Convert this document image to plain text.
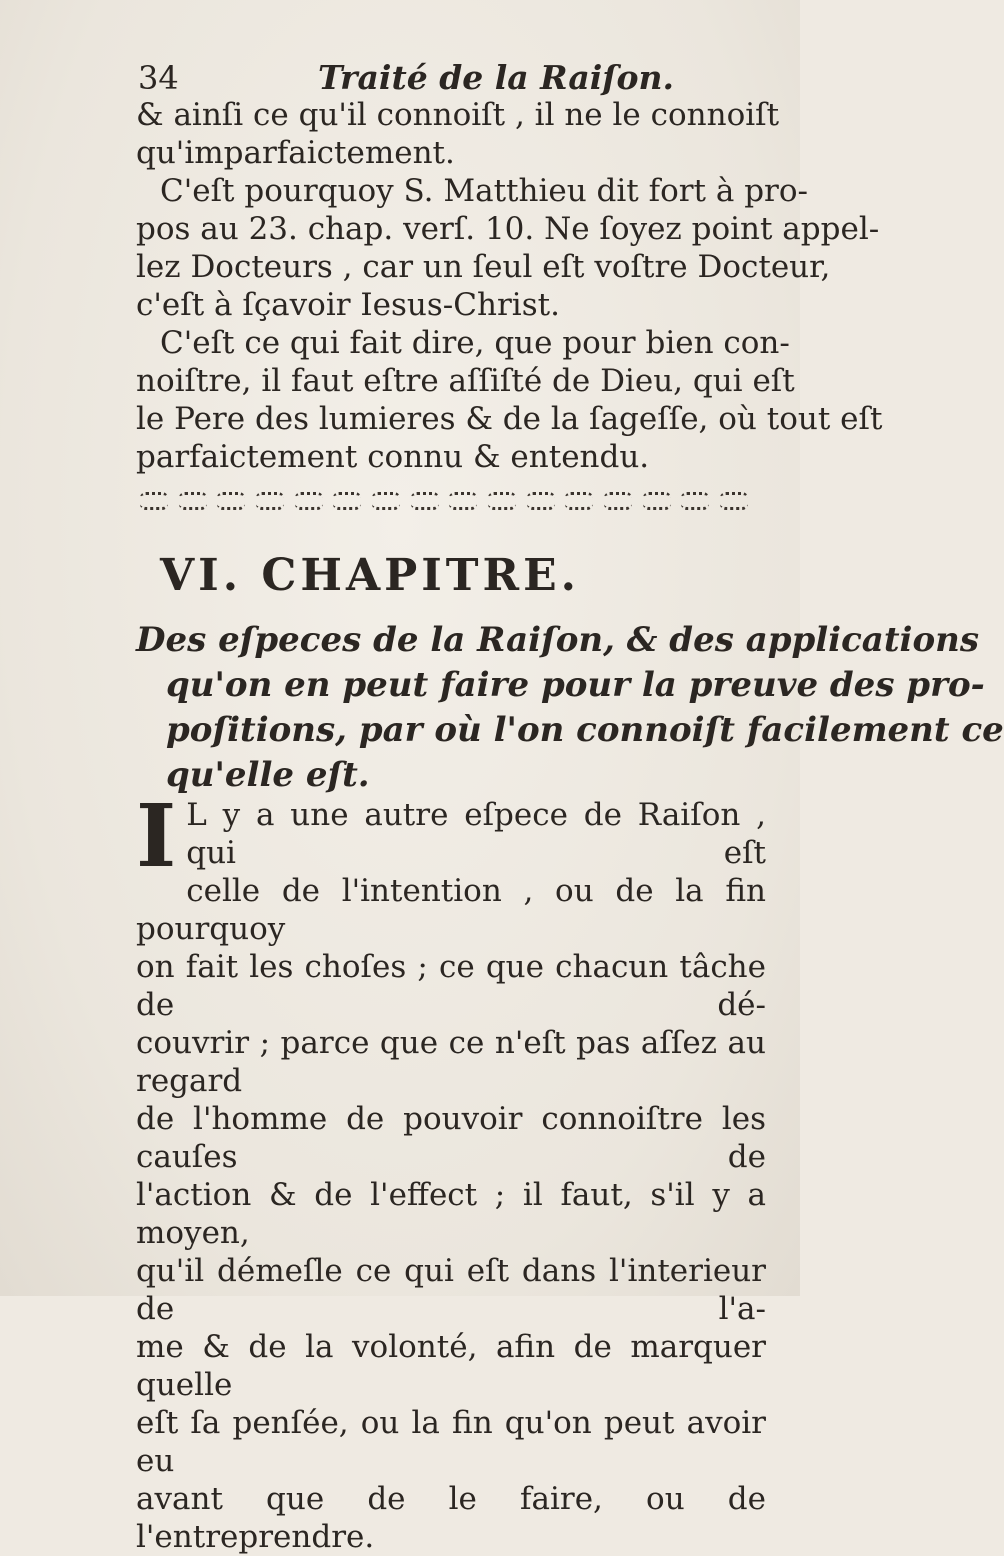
34	Traité de la Raiſon.

& ainſi ce qu'il connoiſt , il ne le connoiſt

qu'imparfaictement.

C'eſt pourquoy S. Matthieu dit fort à pro-

pos au 23. chap. verſ. 10. Ne ſoyez point appel-

lez Docteurs , car un ſeul eſt voſtre Docteur,

c'eſt à ſçavoir Iesus-Christ.

C'eſt ce qui fait dire, que pour bien con-

noiſtre, il faut eſtre aſſiſté de Dieu, qui eſt

le Pere des lumieres & de la ſageſſe, où tout eſt

parfaictement connu & entendu.

VI. CHAPITRE.

Des eſpeces de la Raiſon, & des applications

qu'on en peut faire pour la preuve des pro-

poſitions, par où l'on connoiſt facilement ce

qu'elle eſt.

I L y a une autre eſpece de Raiſon , qui eſt

celle de l'intention , ou de la fin pourquoy

on fait les choſes ; ce que chacun tâche de dé-

couvrir ; parce que ce n'eſt pas aſſez au regard

de l'homme de pouvoir connoiſtre les cauſes de

l'action & de l'effect ; il faut, s'il y a moyen,

qu'il démeſle ce qui eſt dans l'interieur de l'a-

me & de la volonté, afin de marquer quelle

eſt ſa penſée, ou la fin qu'on peut avoir eu

avant que de le faire, ou de l'entreprendre.
